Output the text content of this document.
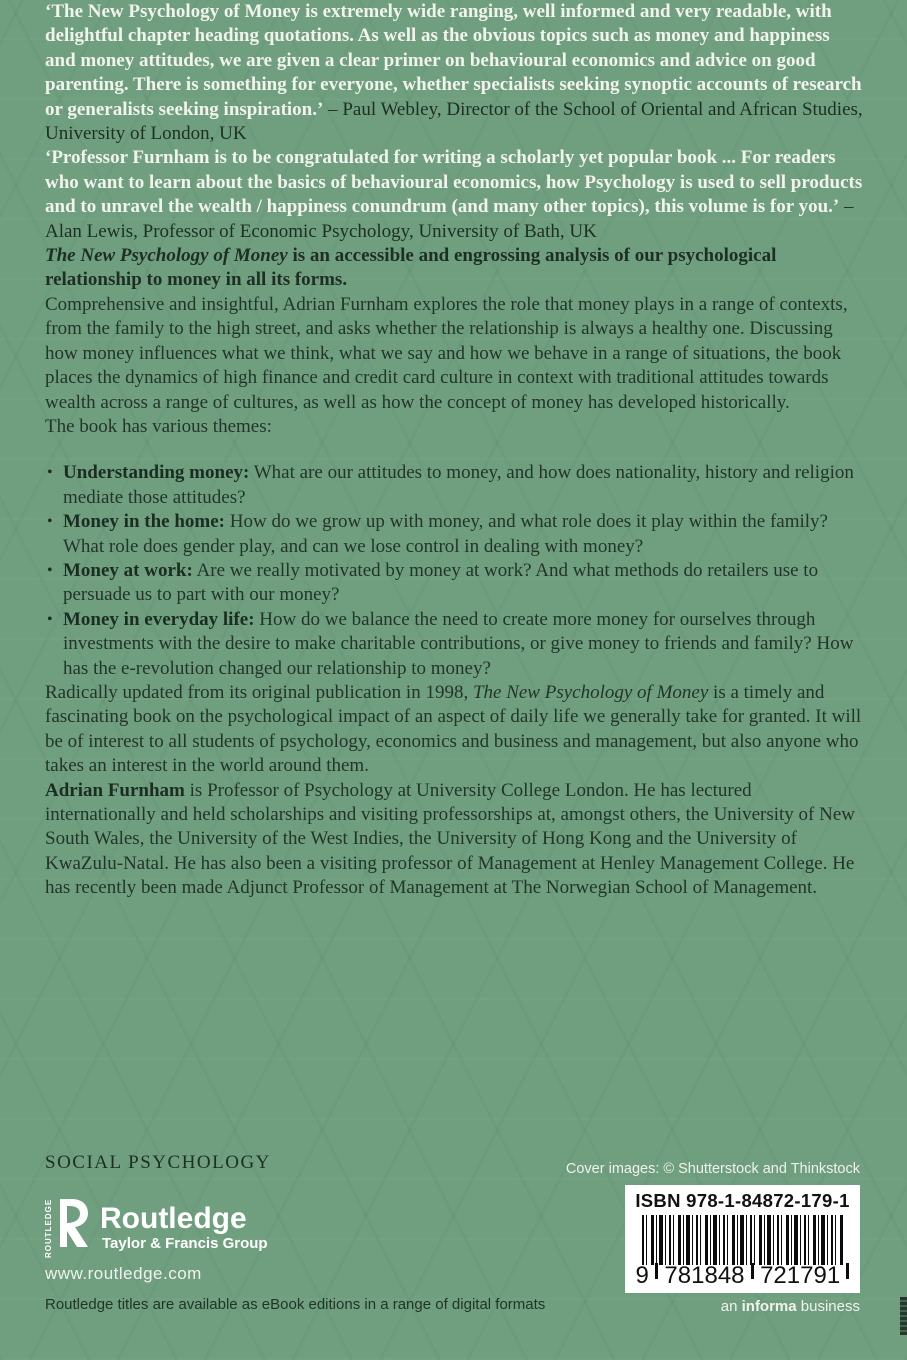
‘The New Psychology of Money is extremely wide ranging, well informed and very readable, with delightful chapter heading quotations. As well as the obvious topics such as money and happiness and money attitudes, we are given a clear primer on behavioural economics and advice on good parenting. There is something for everyone, whether specialists seeking synoptic accounts of research or generalists seeking inspiration.’ – Paul Webley, Director of the School of Oriental and African Studies, University of London, UK

‘Professor Furnham is to be congratulated for writing a scholarly yet popular book ... For readers who want to learn about the basics of behavioural economics, how Psychology is used to sell products and to unravel the wealth / happiness conundrum (and many other topics), this volume is for you.’ – Alan Lewis, Professor of Economic Psychology, University of Bath, UK

The New Psychology of Money is an accessible and engrossing analysis of our psychological relationship to money in all its forms.

Comprehensive and insightful, Adrian Furnham explores the role that money plays in a range of contexts, from the family to the high street, and asks whether the relationship is always a healthy one. Discussing how money influences what we think, what we say and how we behave in a range of situations, the book places the dynamics of high finance and credit card culture in context with traditional attitudes towards wealth across a range of cultures, as well as how the concept of money has developed historically.

The book has various themes:

• Understanding money: What are our attitudes to money, and how does nationality, history and religion mediate those attitudes?
• Money in the home: How do we grow up with money, and what role does it play within the family? What role does gender play, and can we lose control in dealing with money?
• Money at work: Are we really motivated by money at work? And what methods do retailers use to persuade us to part with our money?
• Money in everyday life: How do we balance the need to create more money for ourselves through investments with the desire to make charitable contributions, or give money to friends and family? How has the e-revolution changed our relationship to money?

Radically updated from its original publication in 1998, The New Psychology of Money is a timely and fascinating book on the psychological impact of an aspect of daily life we generally take for granted. It will be of interest to all students of psychology, economics and business and management, but also anyone who takes an interest in the world around them.

Adrian Furnham is Professor of Psychology at University College London. He has lectured internationally and held scholarships and visiting professorships at, amongst others, the University of New South Wales, the University of the West Indies, the University of Hong Kong and the University of KwaZulu-Natal. He has also been a visiting professor of Management at Henley Management College. He has recently been made Adjunct Professor of Management at The Norwegian School of Management.

SOCIAL PSYCHOLOGY	Cover images: © Shutterstock and Thinkstock
ISBN 978-1-84872-179-1
9 781848 721791
an informa business
ROUTLEDGE Routledge
Taylor & Francis Group
www.routledge.com
Routledge titles are available as eBook editions in a range of digital formats
